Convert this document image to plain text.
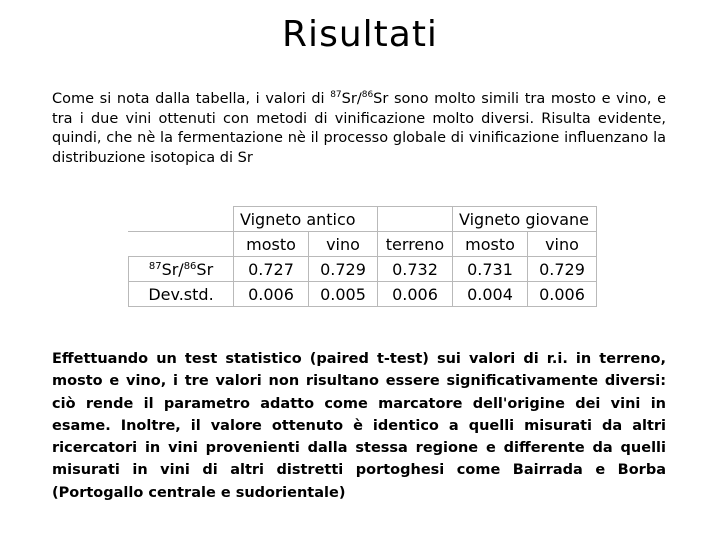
Risultati
Come si nota dalla tabella, i valori di $^{87}$Sr/$^{86}$Sr sono molto simili tra mosto e vino, e tra i due vini ottenuti con metodi di vinificazione molto diversi. Risulta evidente, quindi, che nè la fermentazione nè il processo globale di vinificazione influenzano la distribuzione isotopica di Sr
	Vigneto antico			Vigneto giovane	
	mosto	vino	terreno	mosto	vino
$^{87}$Sr/$^{86}$Sr	0.727	0.729	0.732	0.731	0.729
Dev.std.	0.006	0.005	0.006	0.004	0.006
Effettuando un test statistico (paired t-test) sui valori di r.i. in terreno, mosto e vino, i tre valori non risultano essere significativamente diversi: ciò rende il parametro adatto come marcatore dell'origine dei vini in esame. Inoltre, il valore ottenuto è identico a quelli misurati da altri ricercatori in vini provenienti dalla stessa regione e differente da quelli misurati in vini di altri distretti portoghesi come Bairrada e Borba (Portogallo centrale e sudorientale)
